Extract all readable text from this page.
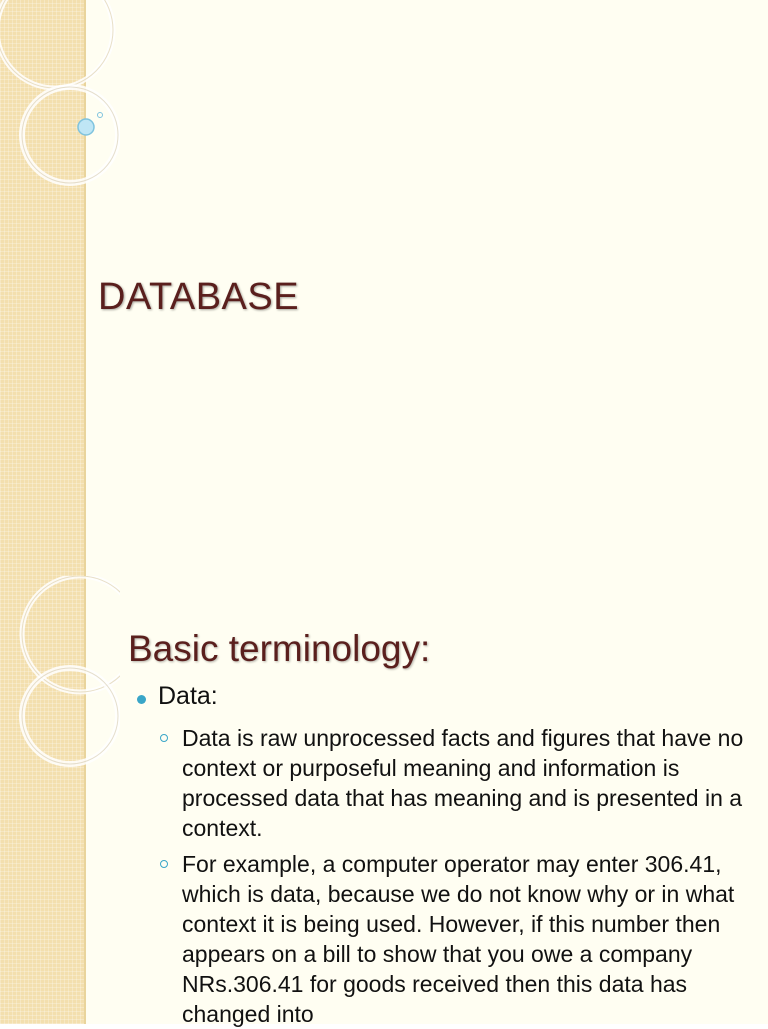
DATABASE
Basic terminology:
Data:
Data is raw unprocessed facts and figures that have no context or purposeful meaning and information is processed data that has meaning and is presented in a context.
For example, a computer operator may enter 306.41, which is data, because we do not know why or in what context it is being used. However, if this number then appears on a bill to show that you owe a company NRs.306.41 for goods received then this data has changed into
